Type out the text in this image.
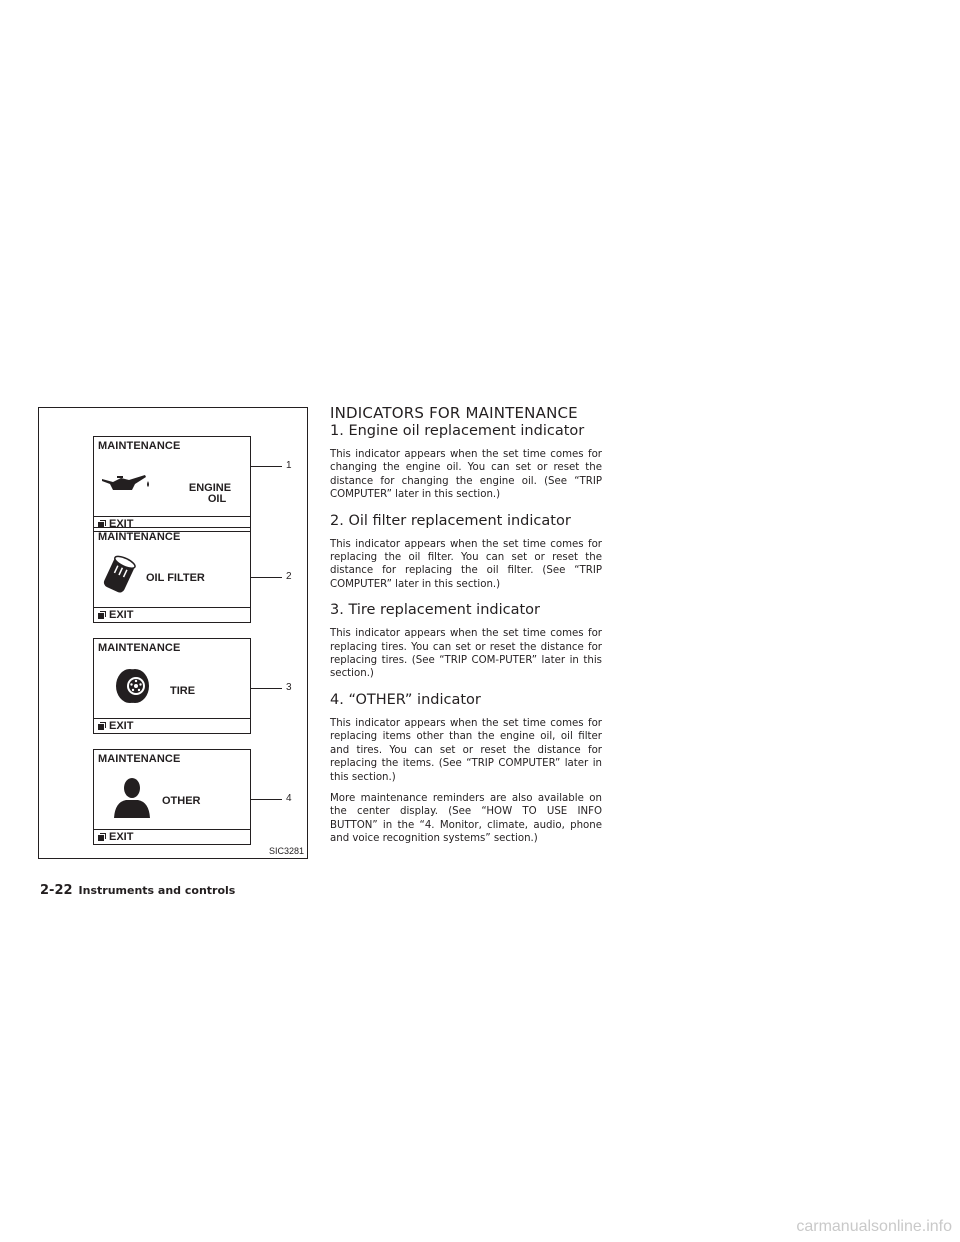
MAINTENANCE
ENGINE
OIL
EXIT
1
MAINTENANCE
OIL FILTER
EXIT
2
MAINTENANCE
TIRE
EXIT
3
MAINTENANCE
OTHER
EXIT
4
SIC3281
INDICATORS FOR MAINTENANCE
1. Engine oil replacement indicator

This indicator appears when the set time comes for changing the engine oil. You can set or reset the distance for changing the engine oil. (See “TRIP COMPUTER” later in this section.)

2. Oil filter replacement indicator

This indicator appears when the set time comes for replacing the oil filter. You can set or reset the distance for replacing the oil filter. (See “TRIP COMPUTER” later in this section.)

3. Tire replacement indicator

This indicator appears when the set time comes for replacing tires. You can set or reset the distance for replacing tires. (See “TRIP COM-PUTER” later in this section.)

4. “OTHER” indicator

This indicator appears when the set time comes for replacing items other than the engine oil, oil filter and tires. You can set or reset the distance for replacing the items. (See “TRIP COMPUTER” later in this section.)

More maintenance reminders are also available on the center display. (See “HOW TO USE INFO BUTTON” in the “4. Monitor, climate, audio, phone and voice recognition systems” section.)

2-22 Instruments and controls
carmanualsonline.info
